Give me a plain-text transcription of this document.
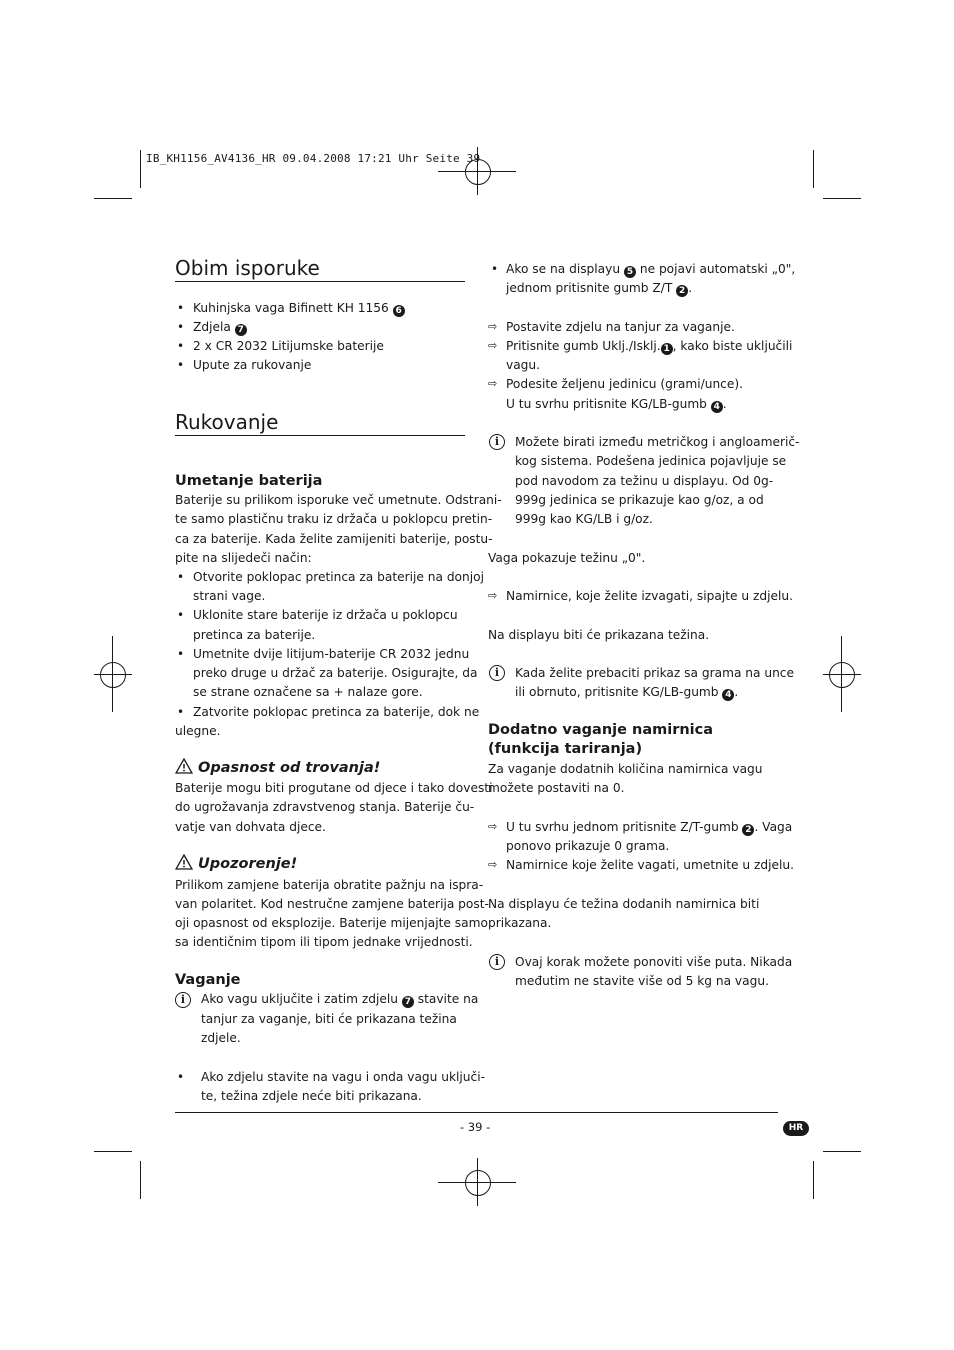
IB_KH1156_AV4136_HR 09.04.2008 17:21 Uhr Seite 39
Obim isporuke
• Kuhinjska vaga Bifinett KH 1156 6
• Zdjela 7
• 2 x CR 2032 Litijumske baterije
• Upute za rukovanje
Rukovanje
Umetanje baterija
Baterije su prilikom isporuke več umetnute. Odstrani-
te samo plastičnu traku iz držača u poklopcu pretin-
ca za baterije. Kada želite zamijeniti baterije, postu-
pite na slijedeči način:
• Otvorite poklopac pretinca za baterije na donjoj
strani vage.
• Uklonite stare baterije iz držača u poklopcu
pretinca za baterije.
• Umetnite dvije litijum-baterije CR 2032 jednu
preko druge u držač za baterije. Osigurajte, da
se strane označene sa + nalaze gore.
• Zatvorite poklopac pretinca za baterije, dok ne
ulegne.
Opasnost od trovanja!
Baterije mogu biti progutane od djece i tako dovesti
do ugrožavanja zdravstvenog stanja. Baterije ču-
vatje van dohvata djece.
Upozorenje!
Prilikom zamjene baterija obratite pažnju na ispra-
van polaritet. Kod nestručne zamjene baterija post-
oji opasnost od eksplozije. Baterije mijenjajte samo
sa identičnim tipom ili tipom jednake vrijednosti.
Vaganje
i	Ako vagu uključite i zatim zdjelu 7 stavite na
tanjur za vaganje, biti će prikazana težina
zdjele.
• Ako zdjelu stavite na vagu i onda vagu uključi-
te, težina zdjele neće biti prikazana.
• Ako se na displayu 5 ne pojavi automatski „0",
jednom pritisnite gumb Z/T 2 .
⇨ Postavite zdjelu na tanjur za vaganje.
⇨ Pritisnite gumb Uklj./Isklj. 1 , kako biste uključili
vagu.
⇨ Podesite željenu jedinicu (grami/unce).
U tu svrhu pritisnite KG/LB-gumb 4 .
i	Možete birati između metričkog i angloamerič-
kog sistema. Podešena jedinica pojavljuje se
pod navodom za težinu u displayu. Od 0g-
999g jedinica se prikazuje kao g/oz, a od
999g kao KG/LB i g/oz.
Vaga pokazuje težinu „0".
⇨ Namirnice, koje želite izvagati, sipajte u zdjelu.
Na displayu biti će prikazana težina.
i	Kada želite prebaciti prikaz sa grama na unce
ili obrnuto, pritisnite KG/LB-gumb 4 .
Dodatno vaganje namirnica
(funkcija tariranja)
Za vaganje dodatnih količina namirnica vagu
možete postaviti na 0.
⇨ U tu svrhu jednom pritisnite Z/T-gumb 2 . Vaga
ponovo prikazuje 0 grama.
⇨ Namirnice koje želite vagati, umetnite u zdjelu.
Na displayu će težina dodanih namirnica biti
prikazana.
i	Ovaj korak možete ponoviti više puta. Nikada
međutim ne stavite više od 5 kg na vagu.
- 39 -	HR
